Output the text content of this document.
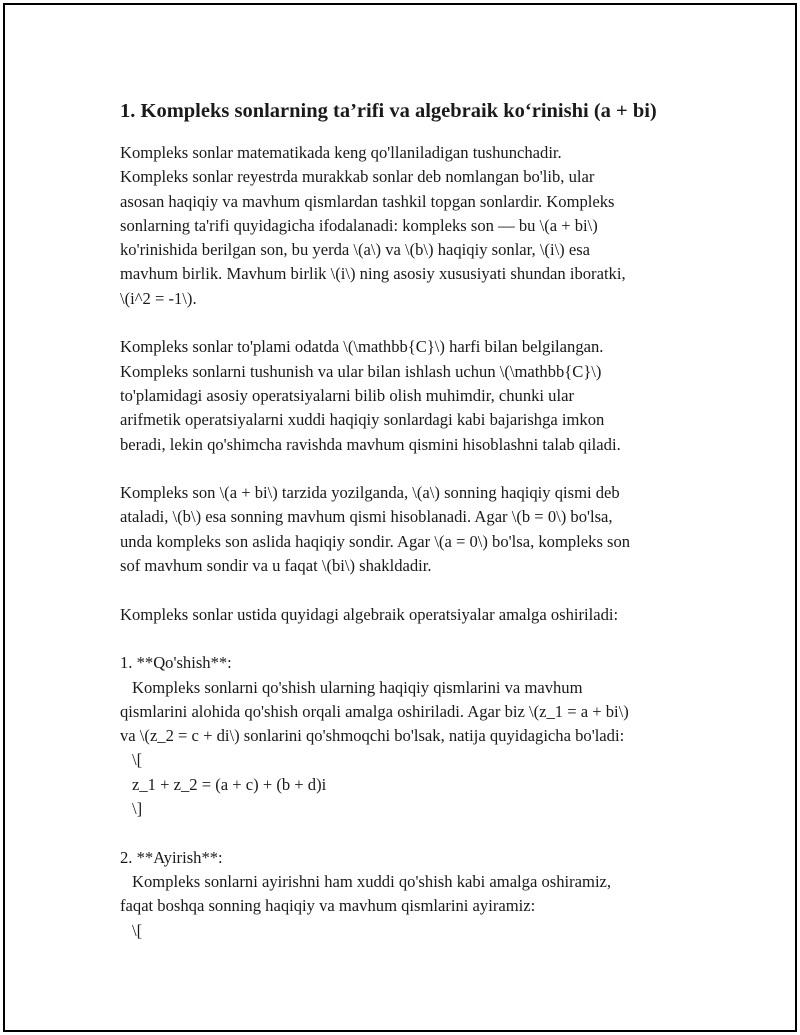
1. Kompleks sonlarning ta’rifi va algebraik ko‘rinishi (a + bi)
Kompleks sonlar matematikada keng qo'llaniladigan tushunchadir.
Kompleks sonlar reyestrda murakkab sonlar deb nomlangan bo'lib, ular
asosan haqiqiy va mavhum qismlardan tashkil topgan sonlardir. Kompleks
sonlarning ta'rifi quyidagicha ifodalanadi: kompleks son — bu \(a + bi\)
ko'rinishida berilgan son, bu yerda \(a\) va \(b\) haqiqiy sonlar, \(i\) esa
mavhum birlik. Mavhum birlik \(i\) ning asosiy xususiyati shundan iboratki,
\(i^2 = -1\).
Kompleks sonlar to'plami odatda \(\mathbb{C}\) harfi bilan belgilangan.
Kompleks sonlarni tushunish va ular bilan ishlash uchun \(\mathbb{C}\)
to'plamidagi asosiy operatsiyalarni bilib olish muhimdir, chunki ular
arifmetik operatsiyalarni xuddi haqiqiy sonlardagi kabi bajarishga imkon
beradi, lekin qo'shimcha ravishda mavhum qismini hisoblashni talab qiladi.
Kompleks son \(a + bi\) tarzida yozilganda, \(a\) sonning haqiqiy qismi deb
ataladi, \(b\) esa sonning mavhum qismi hisoblanadi. Agar \(b = 0\) bo'lsa,
unda kompleks son aslida haqiqiy sondir. Agar \(a = 0\) bo'lsa, kompleks son
sof mavhum sondir va u faqat \(bi\) shakldadir.
Kompleks sonlar ustida quyidagi algebraik operatsiyalar amalga oshiriladi:
1. **Qo'shish**:
Kompleks sonlarni qo'shish ularning haqiqiy qismlarini va mavhum
qismlarini alohida qo'shish orqali amalga oshiriladi. Agar biz \(z_1 = a + bi\)
va \(z_2 = c + di\) sonlarini qo'shmoqchi bo'lsak, natija quyidagicha bo'ladi:
\[
z_1 + z_2 = (a + c) + (b + d)i
\]
2. **Ayirish**:
Kompleks sonlarni ayirishni ham xuddi qo'shish kabi amalga oshiramiz,
faqat boshqa sonning haqiqiy va mavhum qismlarini ayiramiz:
\[
